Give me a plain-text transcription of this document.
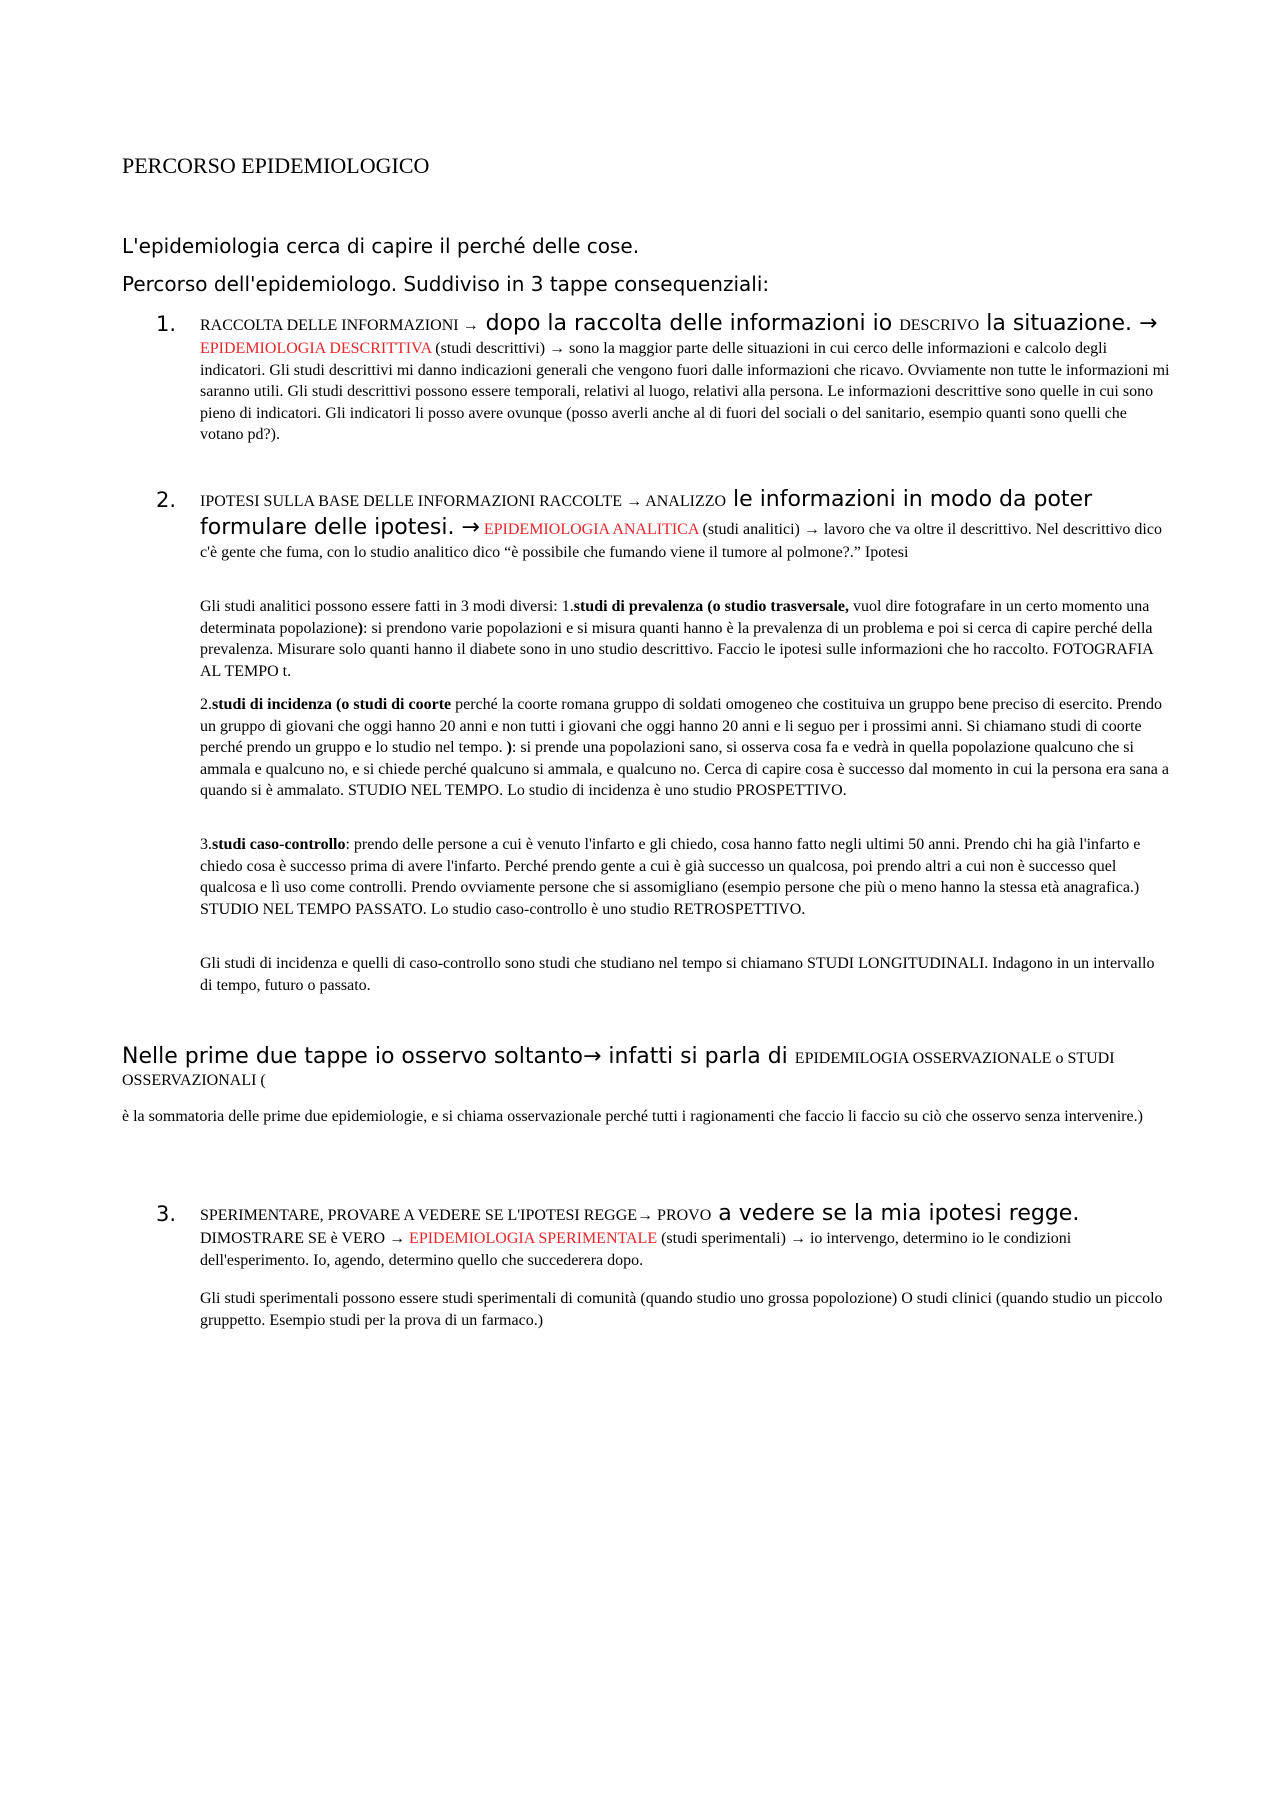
PERCORSO EPIDEMIOLOGICO
L'epidemiologia cerca di capire il perché delle cose.
Percorso dell'epidemiologo. Suddiviso in 3 tappe consequenziali:
1. RACCOLTA DELLE INFORMAZIONI → dopo la raccolta delle informazioni io DESCRIVO la situazione. → EPIDEMIOLOGIA DESCRITTIVA (studi descrittivi) → sono la maggior parte delle situazioni in cui cerco delle informazioni e calcolo degli indicatori. Gli studi descrittivi mi danno indicazioni generali che vengono fuori dalle informazioni che ricavo. Ovviamente non tutte le informazioni mi saranno utili. Gli studi descrittivi possono essere temporali, relativi al luogo, relativi alla persona. Le informazioni descrittive sono quelle in cui sono pieno di indicatori. Gli indicatori li posso avere ovunque (posso averli anche al di fuori del sociali o del sanitario, esempio quanti sono quelli che votano pd?).
2. IPOTESI SULLA BASE DELLE INFORMAZIONI RACCOLTE → ANALIZZO le informazioni in modo da poter formulare delle ipotesi. → EPIDEMIOLOGIA ANALITICA (studi analitici) → lavoro che va oltre il descrittivo. Nel descrittivo dico c'è gente che fuma, con lo studio analitico dico “è possibile che fumando viene il tumore al polmone?.” Ipotesi
Gli studi analitici possono essere fatti in 3 modi diversi: 1.studi di prevalenza (o studio trasversale, vuol dire fotografare in un certo momento una determinata popolazione): si prendono varie popolazioni e si misura quanti hanno è la prevalenza di un problema e poi si cerca di capire perché della prevalenza. Misurare solo quanti hanno il diabete sono in uno studio descrittivo. Faccio le ipotesi sulle informazioni che ho raccolto. FOTOGRAFIA AL TEMPO t.
2.studi di incidenza (o studi di coorte perché la coorte romana gruppo di soldati omogeneo che costituiva un gruppo bene preciso di esercito. Prendo un gruppo di giovani che oggi hanno 20 anni e non tutti i giovani che oggi hanno 20 anni e li seguo per i prossimi anni. Si chiamano studi di coorte perché prendo un gruppo e lo studio nel tempo. ): si prende una popolazioni sano, si osserva cosa fa e vedrà in quella popolazione qualcuno che si ammala e qualcuno no, e si chiede perché qualcuno si ammala, e qualcuno no. Cerca di capire cosa è successo dal momento in cui la persona era sana a quando si è ammalato. STUDIO NEL TEMPO. Lo studio di incidenza è uno studio PROSPETTIVO.
3.studi caso-controllo: prendo delle persone a cui è venuto l'infarto e gli chiedo, cosa hanno fatto negli ultimi 50 anni. Prendo chi ha già l'infarto e chiedo cosa è successo prima di avere l'infarto. Perché prendo gente a cui è già successo un qualcosa, poi prendo altri a cui non è successo quel qualcosa e lì uso come controlli. Prendo ovviamente persone che si assomigliano (esempio persone che più o meno hanno la stessa età anagrafica.) STUDIO NEL TEMPO PASSATO. Lo studio caso-controllo è uno studio RETROSPETTIVO.
Gli studi di incidenza e quelli di caso-controllo sono studi che studiano nel tempo si chiamano STUDI LONGITUDINALI. Indagono in un intervallo di tempo, futuro o passato.
Nelle prime due tappe io osservo soltanto→ infatti si parla di EPIDEMILOGIA OSSERVAZIONALE o STUDI OSSERVAZIONALI (
è la sommatoria delle prime due epidemiologie, e si chiama osservazionale perché tutti i ragionamenti che faccio li faccio su ciò che osservo senza intervenire.)
3. SPERIMENTARE, PROVARE A VEDERE SE L'IPOTESI REGGE→ PROVO a vedere se la mia ipotesi regge. DIMOSTRARE SE è VERO → EPIDEMIOLOGIA SPERIMENTALE (studi sperimentali) → io intervengo, determino io le condizioni dell'esperimento. Io, agendo, determino quello che succederera dopo.
Gli studi sperimentali possono essere studi sperimentali di comunità (quando studio uno grossa popolozione) O studi clinici (quando studio un piccolo gruppetto. Esempio studi per la prova di un farmaco.)
